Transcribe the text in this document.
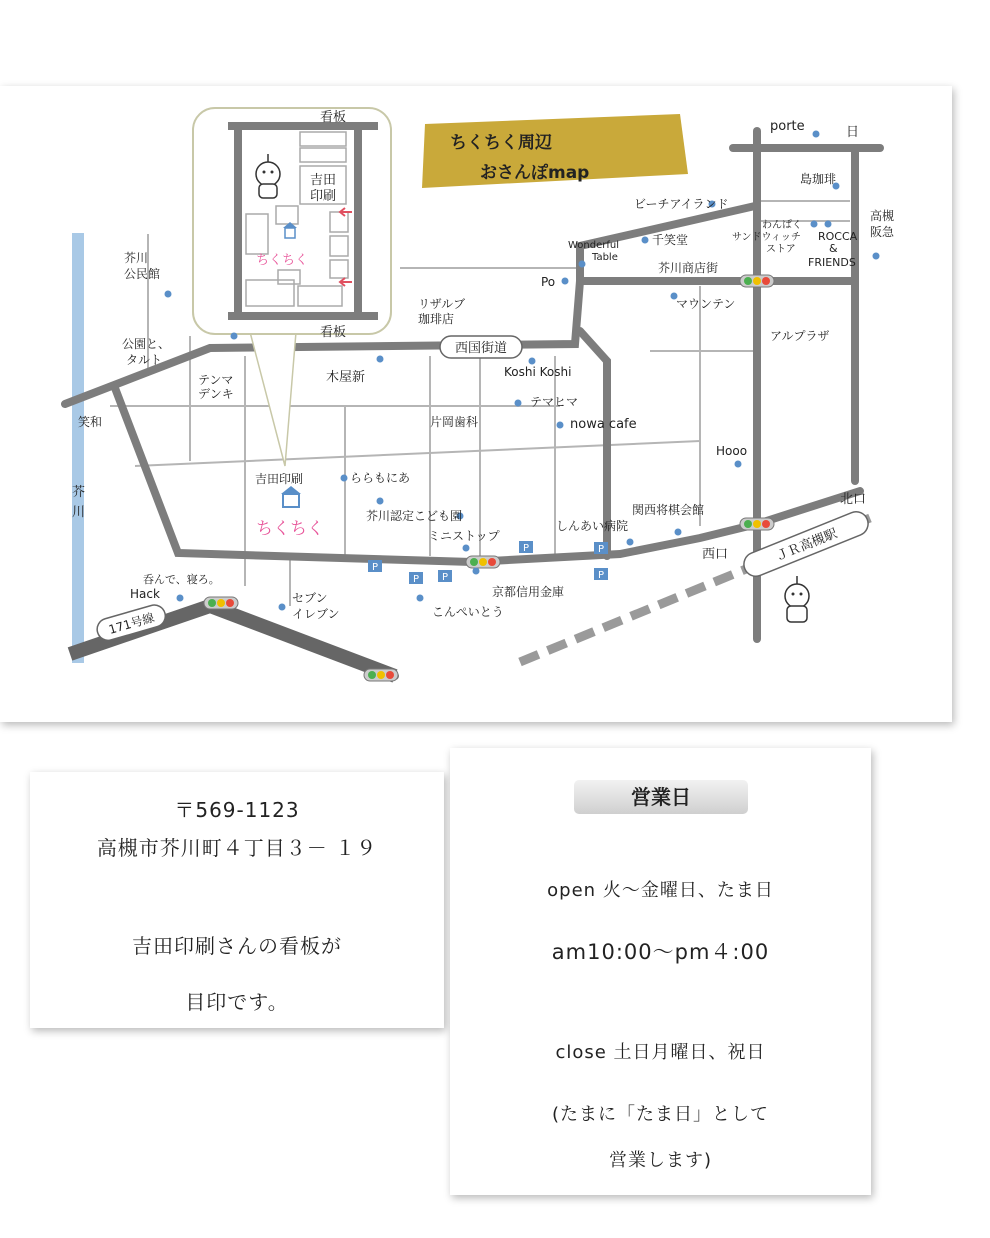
西国街道
171号線
ＪＲ高槻駅
ちくちく周辺
おさんぽmap
看板
看板
吉田
印刷
ちくちく
P	P
P
P P	P
porte	日
島珈琲
高槻
阪急
ビーチアイランド
わんぱく
サンドウィッチ
ストア
ROCCA
&
FRIENDS
Wonderful
Table
千笑堂
芥川商店街
Po
マウンテン
アルプラザ
芥川
公民館
リザルブ
珈琲店
公園と、
タルト
テンマ
デンキ
木屋新	Koshi Koshi
テマヒマ
片岡歯科	nowa cafe
笑和
芥
川
Hooo
北口
吉田印刷
ちくちく
ららもにあ
芥川認定こども園
ミニストップ
しんあい病院
関西将棋会館
西口
呑んで、寝ろ。
Hack	セブン
イレブン
京都信用金庫
こんぺいとう
〒569-1123
高槻市芥川町４丁目３－ １９
吉田印刷さんの看板が
目印です。
営業日
open 火～金曜日、たま日
am10:00～pm４:00
close 土日月曜日、祝日
(たまに「たま日」として
営業します)
